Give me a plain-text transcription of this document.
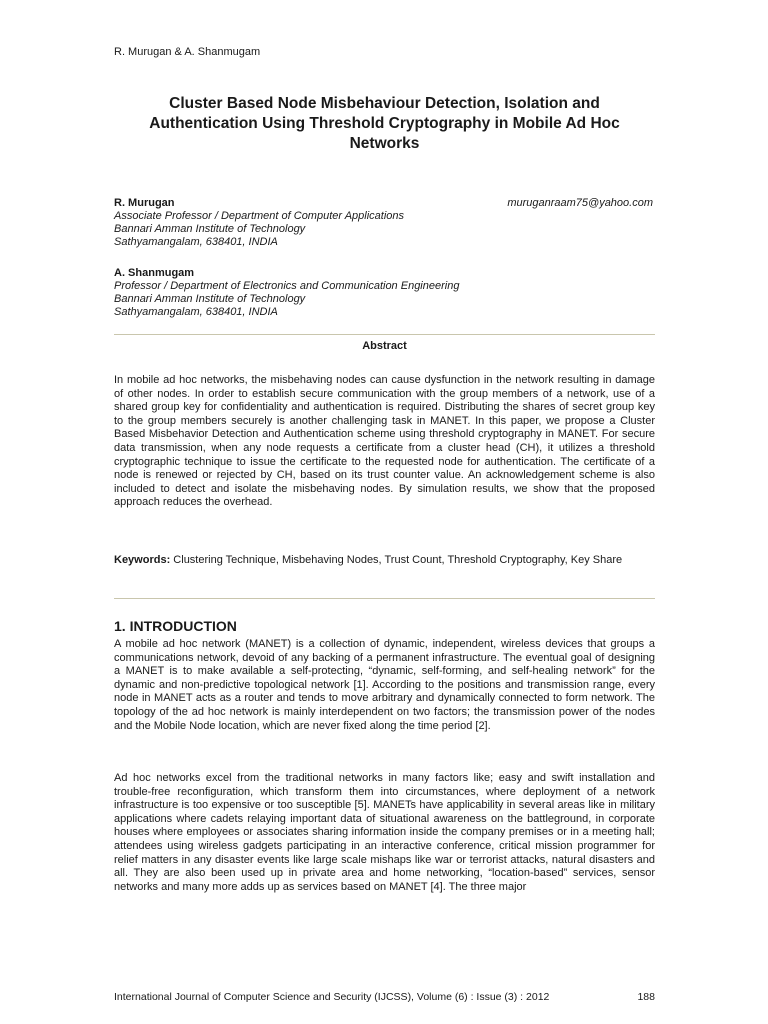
R. Murugan & A. Shanmugam
Cluster Based Node Misbehaviour Detection, Isolation and Authentication Using Threshold Cryptography in Mobile Ad Hoc Networks
R. Murugan	muruganraam75@yahoo.com
Associate Professor / Department of Computer Applications
Bannari Amman Institute of Technology
Sathyamangalam, 638401, INDIA
A. Shanmugam
Professor / Department of Electronics and Communication Engineering
Bannari Amman Institute of Technology
Sathyamangalam, 638401, INDIA
Abstract

In mobile ad hoc networks, the misbehaving nodes can cause dysfunction in the network resulting in damage of other nodes. In order to establish secure communication with the group members of a network, use of a shared group key for confidentiality and authentication is required. Distributing the shares of secret group key to the group members securely is another challenging task in MANET. In this paper, we propose a Cluster Based Misbehavior Detection and Authentication scheme using threshold cryptography in MANET. For secure data transmission, when any node requests a certificate from a cluster head (CH), it utilizes a threshold cryptographic technique to issue the certificate to the requested node for authentication. The certificate of a node is renewed or rejected by CH, based on its trust counter value. An acknowledgement scheme is also included to detect and isolate the misbehaving nodes. By simulation results, we show that the proposed approach reduces the overhead.

Keywords: Clustering Technique, Misbehaving Nodes, Trust Count, Threshold Cryptography, Key Share

1. INTRODUCTION

A mobile ad hoc network (MANET) is a collection of dynamic, independent, wireless devices that groups a communications network, devoid of any backing of a permanent infrastructure. The eventual goal of designing a MANET is to make available a self-protecting, “dynamic, self-forming, and self-healing network” for the dynamic and non-predictive topological network [1]. According to the positions and transmission range, every node in MANET acts as a router and tends to move arbitrary and dynamically connected to form network. The topology of the ad hoc network is mainly interdependent on two factors; the transmission power of the nodes and the Mobile Node location, which are never fixed along the time period [2].

Ad hoc networks excel from the traditional networks in many factors like; easy and swift installation and trouble-free reconfiguration, which transform them into circumstances, where deployment of a network infrastructure is too expensive or too susceptible [5]. MANETs have applicability in several areas like in military applications where cadets relaying important data of situational awareness on the battleground, in corporate houses where employees or associates sharing information inside the company premises or in a meeting hall; attendees using wireless gadgets participating in an interactive conference, critical mission programmer for relief matters in any disaster events like large scale mishaps like war or terrorist attacks, natural disasters and all. They are also been used up in private area and home networking, “location-based” services, sensor networks and many more adds up as services based on MANET [4]. The three major

International Journal of Computer Science and Security (IJCSS), Volume (6) : Issue (3) : 2012	188
